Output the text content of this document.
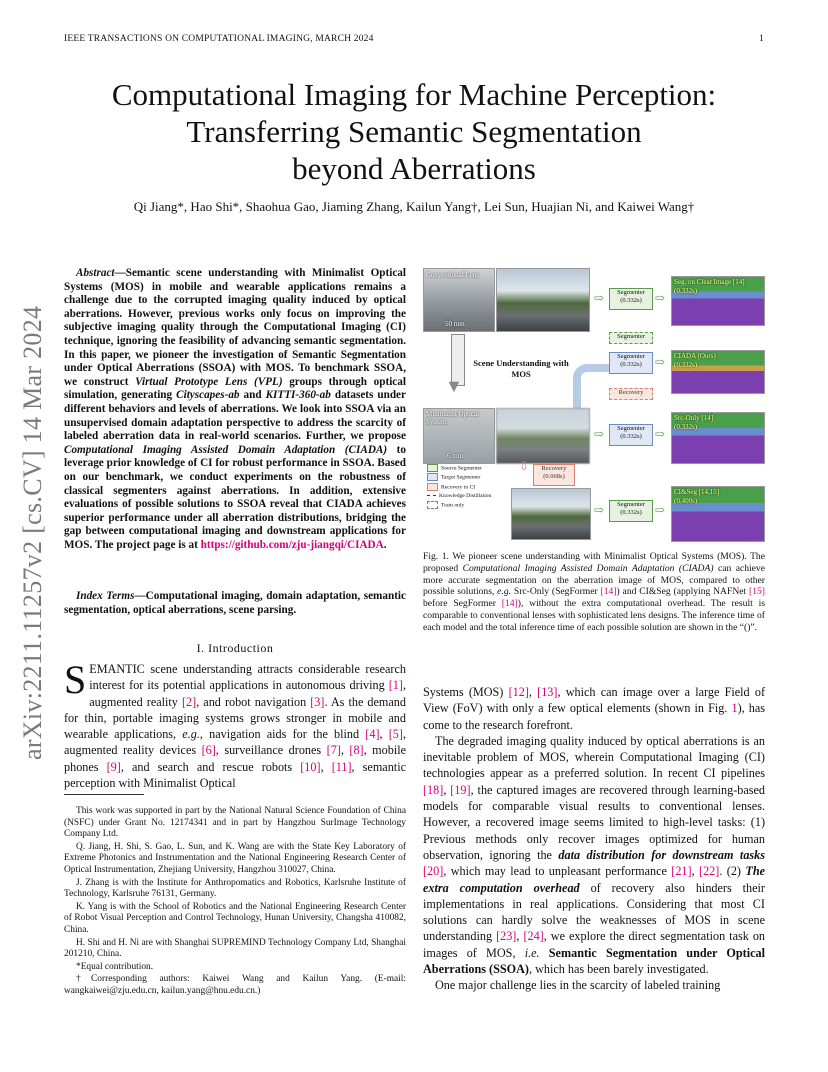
IEEE TRANSACTIONS ON COMPUTATIONAL IMAGING, MARCH 2024	1
arXiv:2211.11257v2 [cs.CV] 14 Mar 2024
Computational Imaging for Machine Perception:
Transferring Semantic Segmentation
beyond Aberrations
Qi Jiang*, Hao Shi*, Shaohua Gao, Jiaming Zhang, Kailun Yang†, Lei Sun, Huajian Ni, and Kaiwei Wang†
Abstract—Semantic scene understanding with Minimalist Optical Systems (MOS) in mobile and wearable applications remains a challenge due to the corrupted imaging quality induced by optical aberrations. However, previous works only focus on improving the subjective imaging quality through the Computational Imaging (CI) technique, ignoring the feasibility of advancing semantic segmentation. In this paper, we pioneer the investigation of Semantic Segmentation under Optical Aberrations (SSOA) with MOS. To benchmark SSOA, we construct Virtual Prototype Lens (VPL) groups through optical simulation, generating Cityscapes-ab and KITTI-360-ab datasets under different behaviors and levels of aberrations. We look into SSOA via an unsupervised domain adaptation perspective to address the scarcity of labeled aberration data in real-world scenarios. Further, we propose Computational Imaging Assisted Domain Adaptation (CIADA) to leverage prior knowledge of CI for robust performance in SSOA. Based on our benchmark, we conduct experiments on the robustness of classical segmenters against aberrations. In addition, extensive evaluations of possible solutions to SSOA reveal that CIADA achieves superior performance under all aberration distributions, bridging the gap between computational imaging and downstream applications for MOS. The project page is at https://github.com/zju-jiangqi/CIADA.
Index Terms—Computational imaging, domain adaptation, semantic segmentation, optical aberrations, scene parsing.
I. Introduction
SEMANTIC scene understanding attracts considerable research interest for its potential applications in autonomous driving [1], augmented reality [2], and robot navigation [3]. As the demand for thin, portable imaging systems grows stronger in mobile and wearable applications, e.g., navigation aids for the blind [4], [5], augmented reality devices [6], surveillance drones [7], [8], mobile phones [9], and search and rescue robots [10], [11], semantic perception with Minimalist Optical

This work was supported in part by the National Natural Science Foundation of China (NSFC) under Grant No. 12174341 and in part by Hangzhou SurImage Technology Company Ltd.

Q. Jiang, H. Shi, S. Gao, L. Sun, and K. Wang are with the State Key Laboratory of Extreme Photonics and Instrumentation and the National Engineering Research Center of Optical Instrumentation, Zhejiang University, Hangzhou 310027, China.

J. Zhang is with the Institute for Anthropomatics and Robotics, Karlsruhe Institute of Technology, Karlsruhe 76131, Germany.

K. Yang is with the School of Robotics and the National Engineering Research Center of Robot Visual Perception and Control Technology, Hunan University, Changsha 410082, China.

H. Shi and H. Ni are with Shanghai SUPREMIND Technology Company Ltd, Shanghai 201210, China.

*Equal contribution.

†Corresponding authors: Kaiwei Wang and Kailun Yang. (E-mail: wangkaiwei@zju.edu.cn, kailun.yang@hnu.edu.cn.)

Conventional Lens
50 mm
⇨	Segmenter
(0.332s)	⇨
Seg. on Clear Image [14]
(0.332s)
▼
Scene Understanding with MOS
Segmenter
Segmenter
(0.332s)
Recovery
⇨ CIADA (Ours)
(0.332s)
Minimalist Optical System
6 mm
⇨	Segmenter
(0.332s)	⇨
Src-Only [14]
(0.332s)
Source Segmenter
Target Segmenter
Recovery in CI
Knowledge Distillation
Train only
⇩	Recovery
(0.068s)
⇨	Segmenter
(0.332s)	⇨
CI&Seg [14,15]
(0.400s)
Fig. 1. We pioneer scene understanding with Minimalist Optical Systems (MOS). The proposed Computational Imaging Assisted Domain Adaptation (CIADA) can achieve more accurate segmentation on the aberration image of MOS, compared to other possible solutions, e.g. Src-Only (SegFormer [14]) and CI&Seg (applying NAFNet [15] before SegFormer [14]), without the extra computational overhead. The result is comparable to conventional lenses with sophisticated lens designs. The inference time of each model and the total inference time of each possible solution are shown in the “()”.

Systems (MOS) [12], [13], which can image over a large Field of View (FoV) with only a few optical elements (shown in Fig. 1), has come to the research forefront.

The degraded imaging quality induced by optical aberrations is an inevitable problem of MOS, wherein Computational Imaging (CI) technologies appear as a preferred solution. In recent CI pipelines [18], [19], the captured images are recovered through learning-based models for comparable visual results to conventional lenses. However, a recovered image seems limited to high-level tasks: (1) Previous methods only recover images optimized for human observation, ignoring the data distribution for downstream tasks [20], which may lead to unpleasant performance [21], [22]. (2) The extra computation overhead of recovery also hinders their implementations in real applications. Considering that most CI solutions can hardly solve the weaknesses of MOS in scene understanding [23], [24], we explore the direct segmentation task on images of MOS, i.e. Semantic Segmentation under Optical Aberrations (SSOA), which has been barely investigated.

One major challenge lies in the scarcity of labeled training
